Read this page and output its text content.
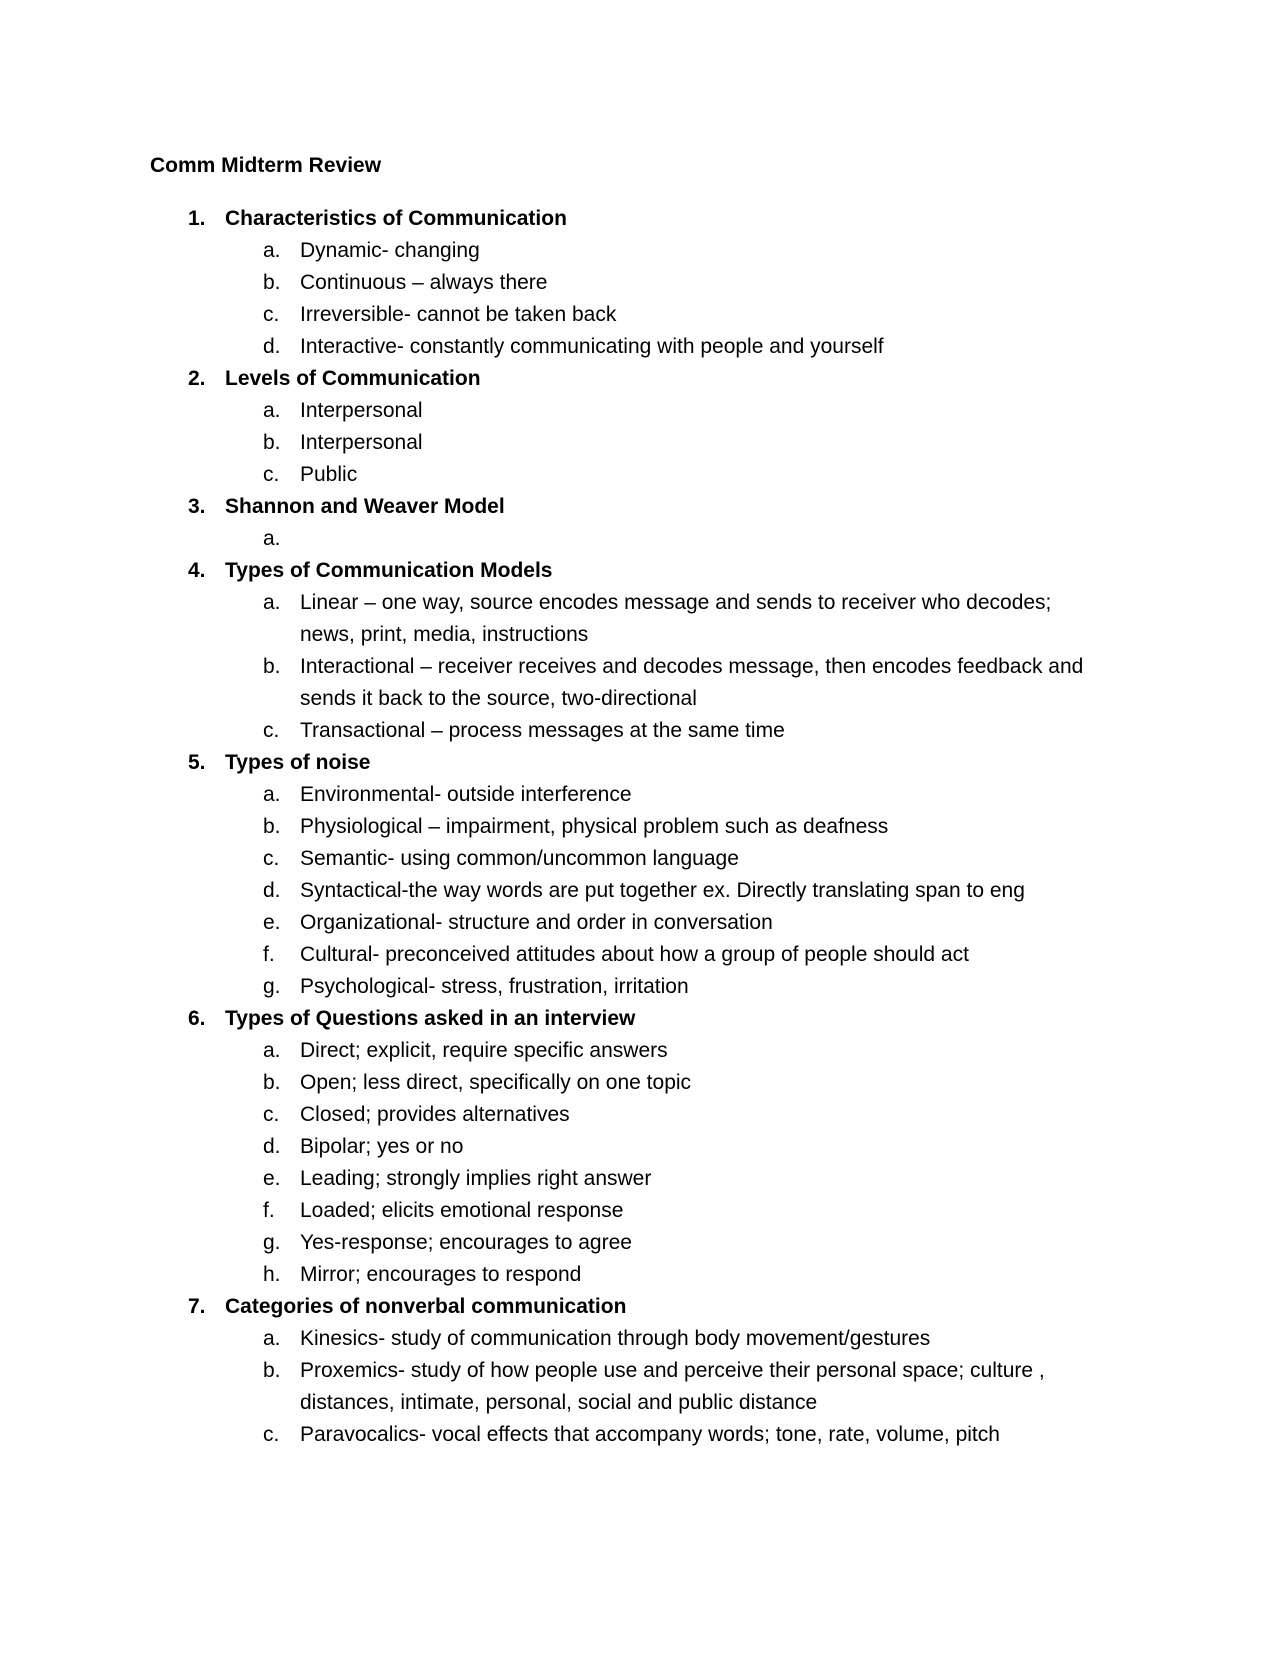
Comm Midterm Review
1. Characteristics of Communication
a. Dynamic- changing
b. Continuous – always there
c. Irreversible- cannot be taken back
d. Interactive- constantly communicating with people and yourself
2. Levels of Communication
a. Interpersonal
b. Interpersonal
c. Public
3. Shannon and Weaver Model
a.

4. Types of Communication Models
a. Linear – one way, source encodes message and sends to receiver who decodes; news, print, media, instructions
b. Interactional – receiver receives and decodes message, then encodes feedback and sends it back to the source, two-directional
c. Transactional – process messages at the same time
5. Types of noise
a. Environmental- outside interference
b. Physiological – impairment, physical problem such as deafness
c. Semantic- using common/uncommon language
d. Syntactical-the way words are put together ex. Directly translating span to eng
e. Organizational- structure and order in conversation
f.	Cultural- preconceived attitudes about how a group of people should act
g. Psychological- stress, frustration, irritation
6. Types of Questions asked in an interview
a. Direct; explicit, require specific answers
b. Open; less direct, specifically on one topic
c. Closed; provides alternatives
d. Bipolar; yes or no
e. Leading; strongly implies right answer
f.	Loaded; elicits emotional response
g. Yes-response; encourages to agree
h. Mirror; encourages to respond
7. Categories of nonverbal communication
a. Kinesics- study of communication through body movement/gestures
b. Proxemics- study of how people use and perceive their personal space; culture , distances, intimate, personal, social and public distance
c. Paravocalics- vocal effects that accompany words; tone, rate, volume, pitch
